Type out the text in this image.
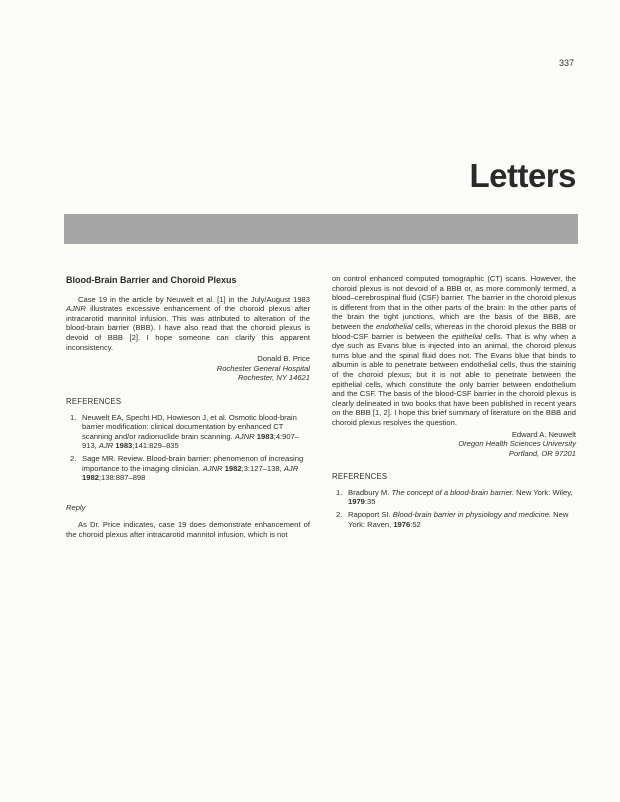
337
Letters
Blood-Brain Barrier and Choroid Plexus

Case 19 in the article by Neuwelt et al. [1] in the July/August 1983 AJNR illustrates excessive enhancement of the choroid plexus after intracarotid mannitol infusion. This was attributed to alteration of the blood-brain barrier (BBB). I have also read that the choroid plexus is devoid of BBB [2]. I hope someone can clarify this apparent inconsistency.

Donald B. Price
Rochester General Hospital
Rochester, NY 14621
REFERENCES
1. Neuwelt EA, Specht HD, Howieson J, et al. Osmotic blood-brain barrier modification: clinical documentation by enhanced CT scanning and/or radionuclide brain scanning. AJNR 1983;4:907–913, AJR 1983;141:829–835
2. Sage MR. Review. Blood-brain barrier: phenomenon of increasing importance to the imaging clinician. AJNR 1982;3:127–138, AJR 1982;138:887–898
Reply

As Dr. Price indicates, case 19 does demonstrate enhancement of the choroid plexus after intracarotid mannitol infusion, which is not

on control enhanced computed tomographic (CT) scans. However, the choroid plexus is not devoid of a BBB or, as more commonly termed, a blood–cerebrospinal fluid (CSF) barrier. The barrier in the choroid plexus is different from that in the other parts of the brain: In the other parts of the brain the tight junctions, which are the basis of the BBB, are between the endothelial cells, whereas in the choroid plexus the BBB or blood-CSF barrier is between the epithelial cells. That is why when a dye such as Evans blue is injected into an animal, the choroid plexus turns blue and the spinal fluid does not. The Evans blue that binds to albumin is able to penetrate between endothelial cells, thus the staining of the choroid plexus; but it is not able to penetrate between the epithelial cells, which constitute the only barrier between endothelium and the CSF. The basis of the blood-CSF barrier in the choroid plexus is clearly delineated in two books that have been published in recent years on the BBB [1, 2]. I hope this brief summary of literature on the BBB and choroid plexus resolves the question.

Edward A. Neuwelt
Oregon Health Sciences University
Portland, OR 97201
REFERENCES
1. Bradbury M. The concept of a blood-brain barrier. New York: Wiley, 1979:35
2. Rapoport SI. Blood-brain barrier in physiology and medicine. New York: Raven, 1976:52
